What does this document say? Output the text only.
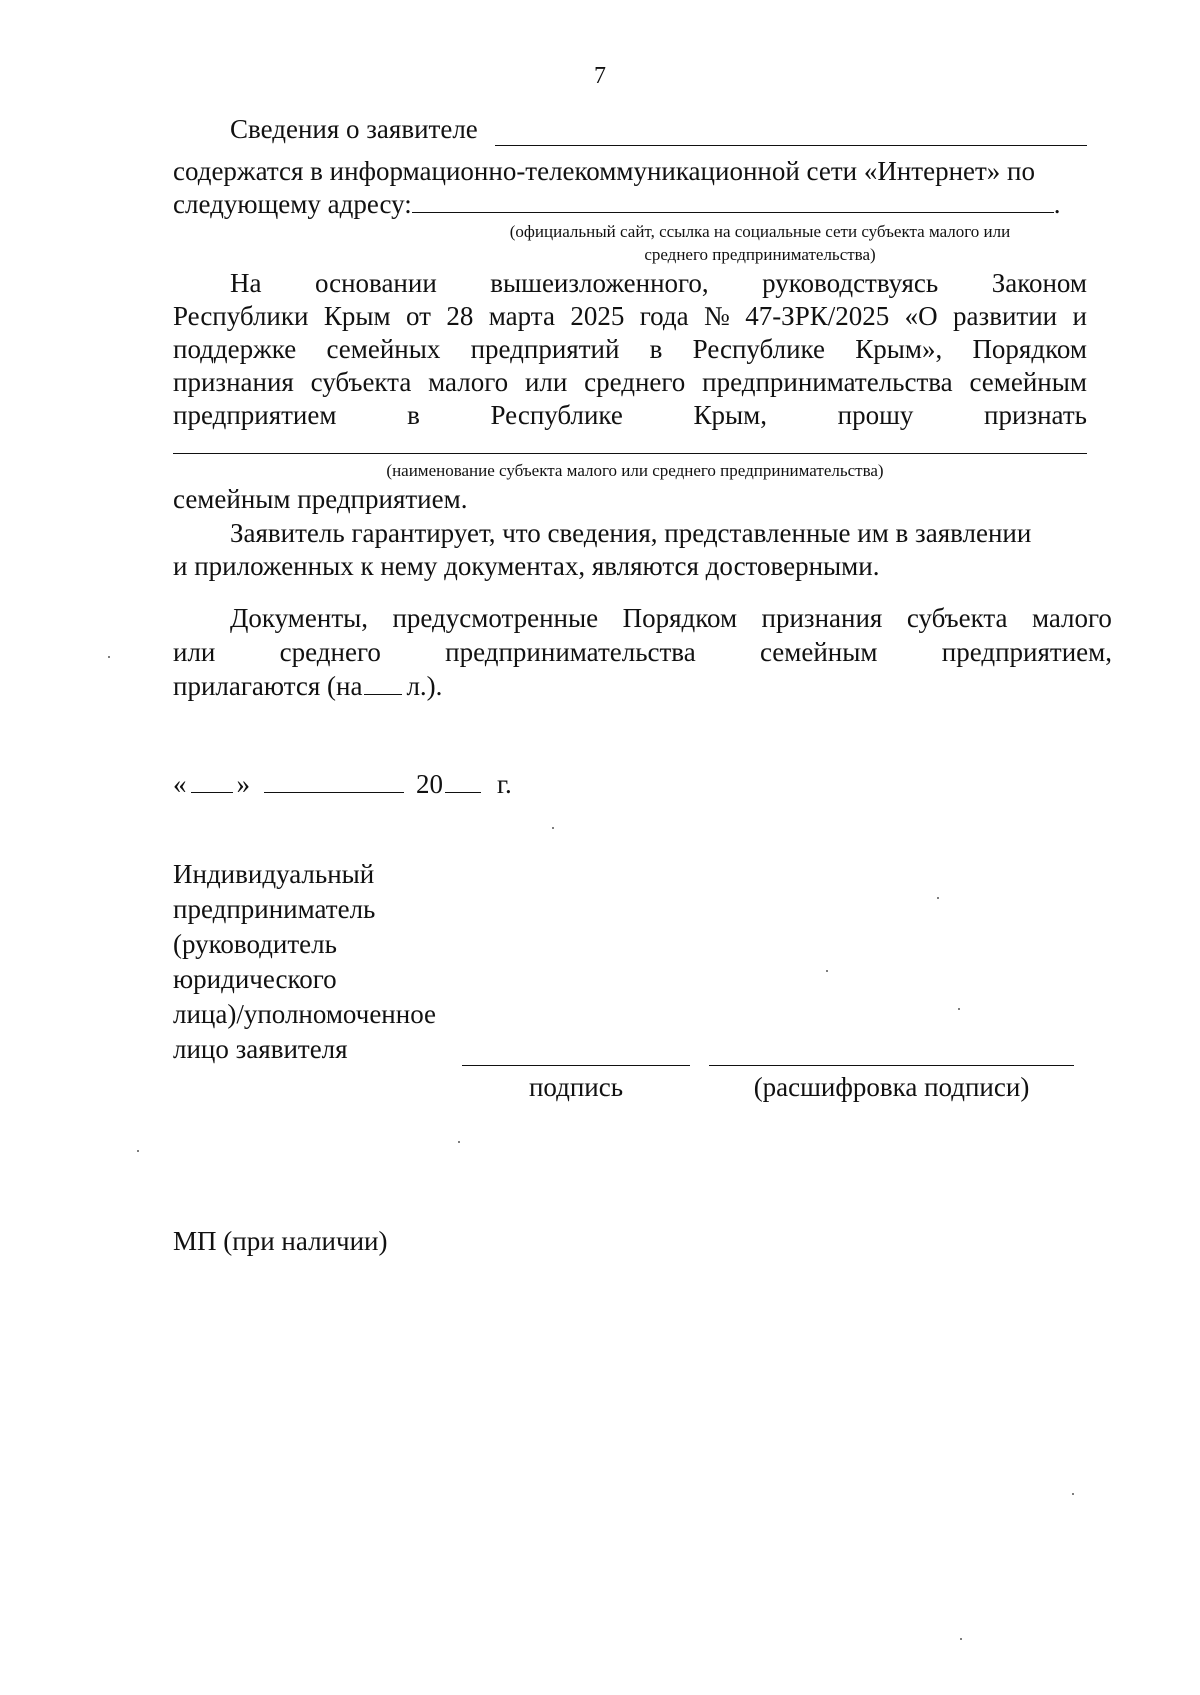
7
Сведения о заявителе
содержатся в информационно-телекоммуникационной сети «Интернет» по
следующему адресу:	.
(официальный сайт, ссылка на социальные сети субъекта малого или
среднего предпринимательства)
На основании вышеизложенного, руководствуясь Законом
Республики Крым от 28 марта 2025 года № 47-ЗРК/2025 «О развитии и
поддержке семейных предприятий в Республике Крым», Порядком
признания субъекта малого или среднего предпринимательства семейным
предприятием	в	Республике	Крым,	прошу	признать
(наименование субъекта малого или среднего предпринимательства)
семейным предприятием.
Заявитель гарантирует, что сведения, представленные им в заявлении
и приложенных к нему документах, являются достоверными.
Документы, предусмотренные Порядком признания субъекта малого
или среднего предпринимательства семейным предприятием,
прилагаются (на л.).
« »	20 г.
Индивидуальный
предприниматель
(руководитель
юридического
лица)/уполномоченное
лицо заявителя
подпись	(расшифровка подписи)
МП (при наличии)
